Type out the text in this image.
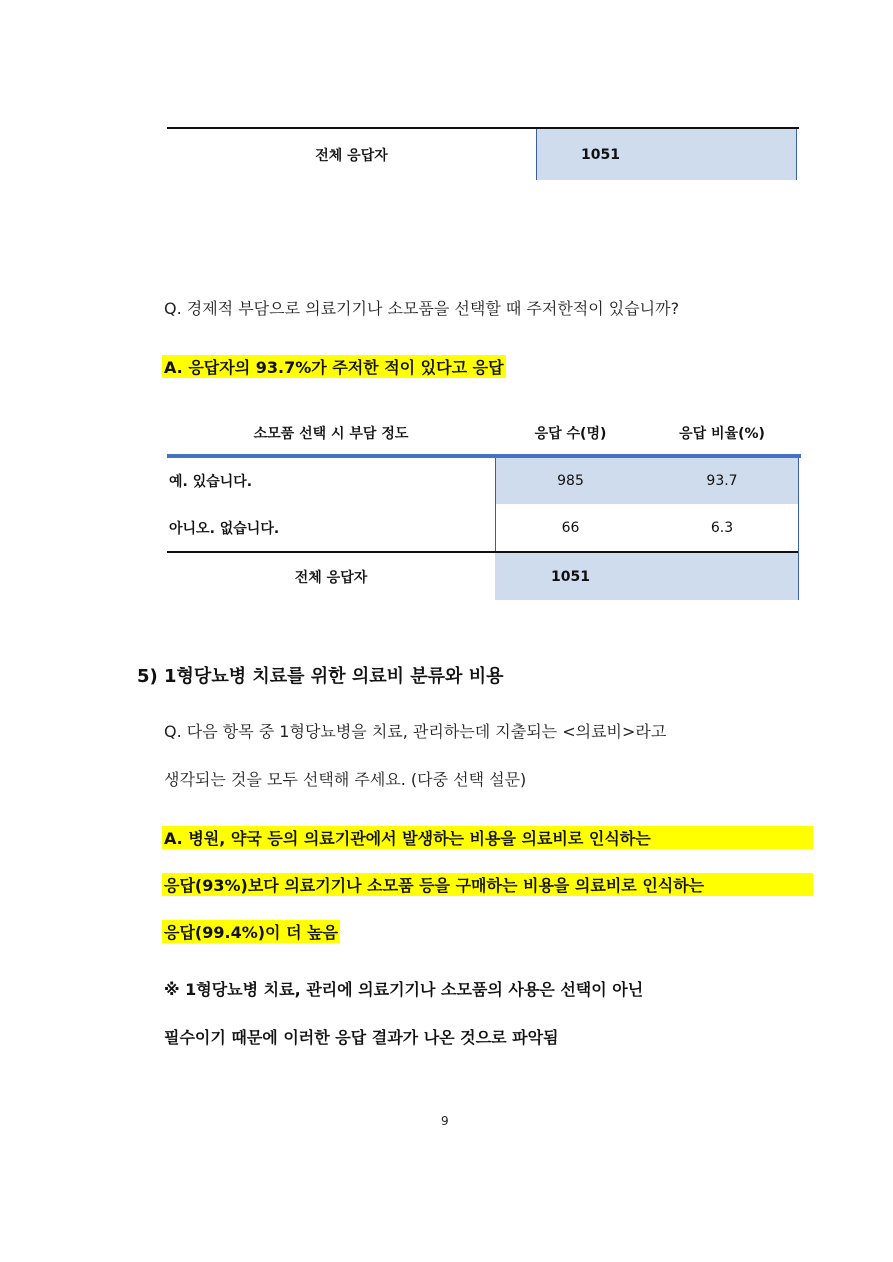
전체 응답자	1051
Q. 경제적 부담으로 의료기기나 소모품을 선택할 때 주저한적이 있습니까?
A. 응답자의 93.7%가 주저한 적이 있다고 응답
소모품 선택 시 부담 정도	응답 수(명)	응답 비율(%)
예. 있습니다.	985	93.7
아니오. 없습니다.	66	6.3
전체 응답자	1051
5) 1형당뇨병 치료를 위한 의료비 분류와 비용
Q. 다음 항목 중 1형당뇨병을 치료, 관리하는데 지출되는 <의료비>라고
생각되는 것을 모두 선택해 주세요. (다중 선택 설문)
A. 병원, 약국 등의 의료기관에서 발생하는 비용을 의료비로 인식하는
응답(93%)보다 의료기기나 소모품 등을 구매하는 비용을 의료비로 인식하는
응답(99.4%)이 더 높음
※ 1형당뇨병 치료, 관리에 의료기기나 소모품의 사용은 선택이 아닌
필수이기 때문에 이러한 응답 결과가 나온 것으로 파악됨
9
